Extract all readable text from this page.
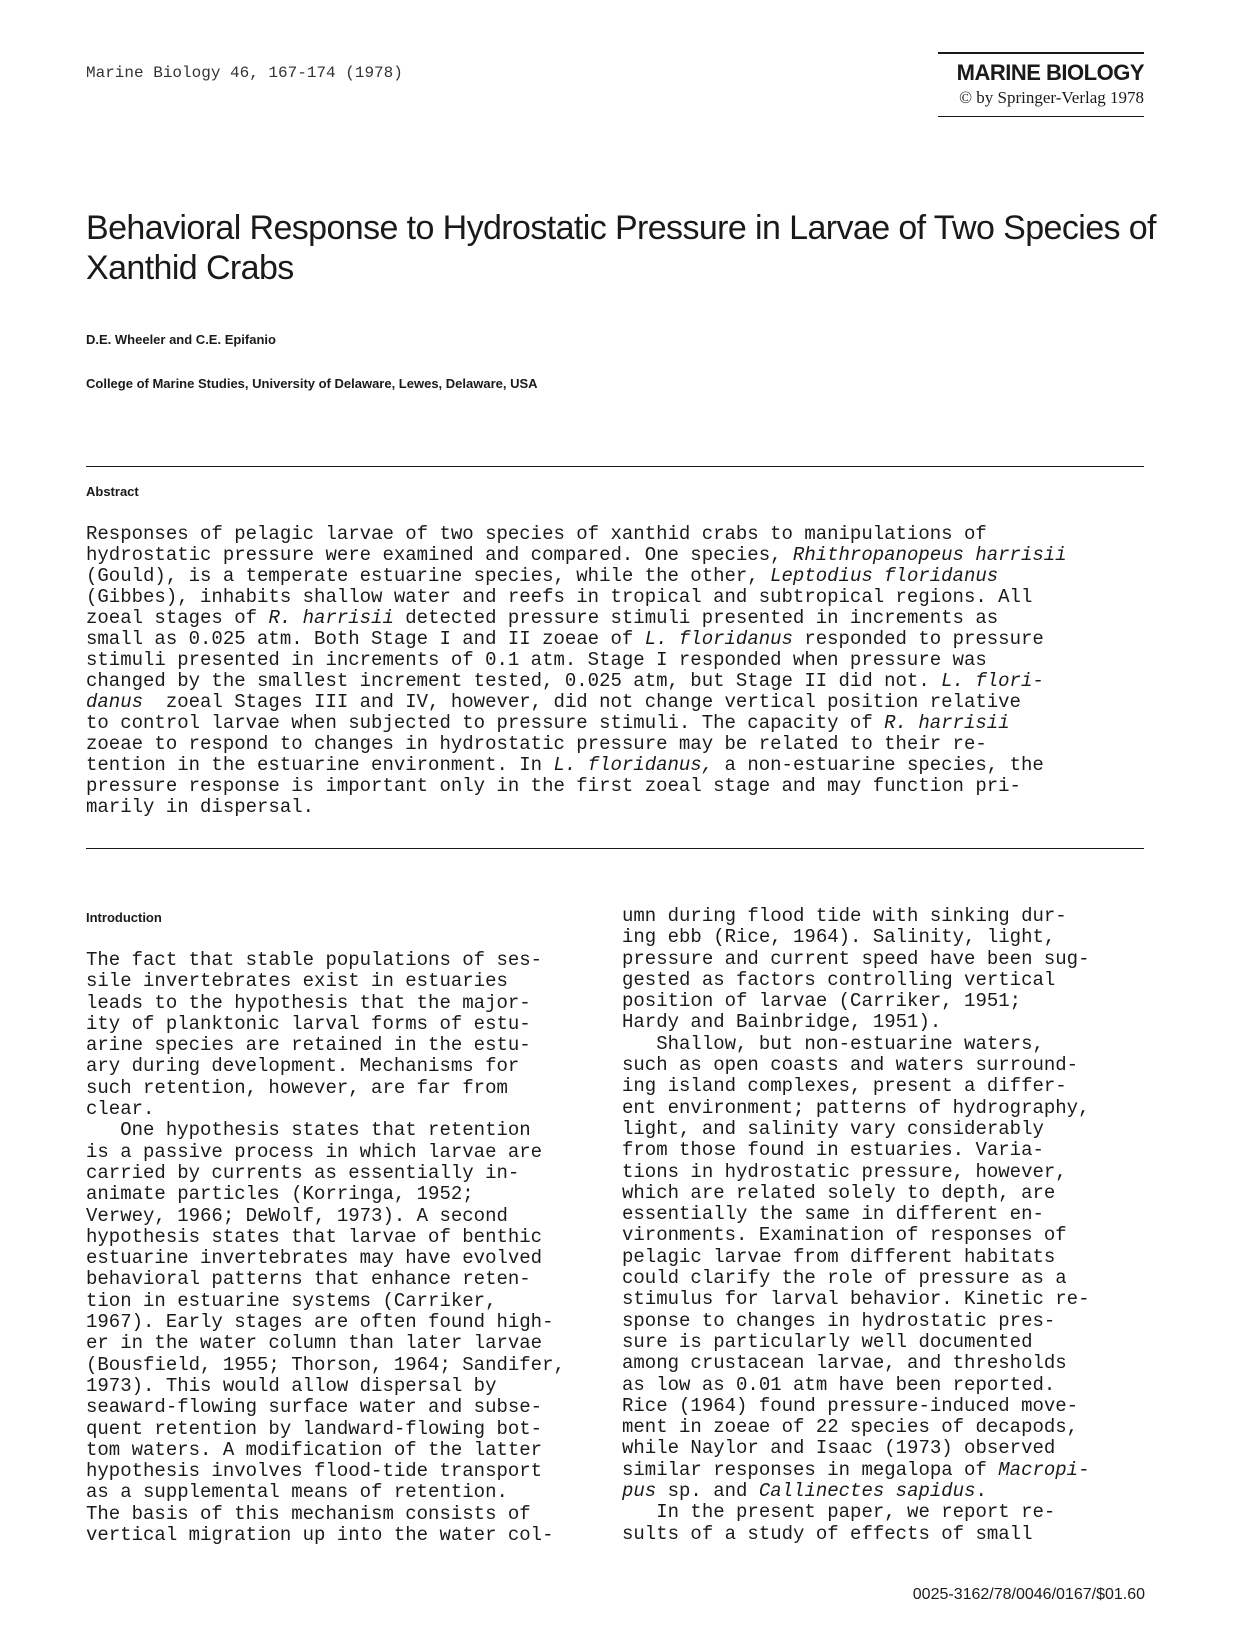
Marine Biology 46, 167-174 (1978)	MARINE BIOLOGY
© by Springer-Verlag 1978
Behavioral Response to Hydrostatic Pressure in Larvae of Two Species of Xanthid Crabs
D.E. Wheeler and C.E. Epifanio
College of Marine Studies, University of Delaware, Lewes, Delaware, USA
Abstract
Responses of pelagic larvae of two species of xanthid crabs to manipulations of
hydrostatic pressure were examined and compared. One species, Rhithropanopeus harrisii
(Gould), is a temperate estuarine species, while the other, Leptodius floridanus
(Gibbes), inhabits shallow water and reefs in tropical and subtropical regions. All
zoeal stages of R. harrisii detected pressure stimuli presented in increments as
small as 0.025 atm. Both Stage I and II zoeae of L. floridanus responded to pressure
stimuli presented in increments of 0.1 atm. Stage I responded when pressure was
changed by the smallest increment tested, 0.025 atm, but Stage II did not. L. flori-
danus  zoeal Stages III and IV, however, did not change vertical position relative
to control larvae when subjected to pressure stimuli. The capacity of R. harrisii
zoeae to respond to changes in hydrostatic pressure may be related to their re-
tention in the estuarine environment. In L. floridanus, a non-estuarine species, the
pressure response is important only in the first zoeal stage and may function pri-
marily in dispersal.
Introduction
The fact that stable populations of ses-
sile invertebrates exist in estuaries
leads to the hypothesis that the major-
ity of planktonic larval forms of estu-
arine species are retained in the estu-
ary during development. Mechanisms for
such retention, however, are far from
clear.
One hypothesis states that retention
is a passive process in which larvae are
carried by currents as essentially in-
animate particles (Korringa, 1952;
Verwey, 1966; DeWolf, 1973). A second
hypothesis states that larvae of benthic
estuarine invertebrates may have evolved
behavioral patterns that enhance reten-
tion in estuarine systems (Carriker,
1967). Early stages are often found high-
er in the water column than later larvae
(Bousfield, 1955; Thorson, 1964; Sandifer,
1973). This would allow dispersal by
seaward-flowing surface water and subse-
quent retention by landward-flowing bot-
tom waters. A modification of the latter
hypothesis involves flood-tide transport
as a supplemental means of retention.
The basis of this mechanism consists of
vertical migration up into the water col-
umn during flood tide with sinking dur-
ing ebb (Rice, 1964). Salinity, light,
pressure and current speed have been sug-
gested as factors controlling vertical
position of larvae (Carriker, 1951;
Hardy and Bainbridge, 1951).
Shallow, but non-estuarine waters,
such as open coasts and waters surround-
ing island complexes, present a differ-
ent environment; patterns of hydrography,
light, and salinity vary considerably
from those found in estuaries. Varia-
tions in hydrostatic pressure, however,
which are related solely to depth, are
essentially the same in different en-
vironments. Examination of responses of
pelagic larvae from different habitats
could clarify the role of pressure as a
stimulus for larval behavior. Kinetic re-
sponse to changes in hydrostatic pres-
sure is particularly well documented
among crustacean larvae, and thresholds
as low as 0.01 atm have been reported.
Rice (1964) found pressure-induced move-
ment in zoeae of 22 species of decapods,
while Naylor and Isaac (1973) observed
similar responses in megalopa of Macropi-
pus sp. and Callinectes sapidus.
In the present paper, we report re-
sults of a study of effects of small
0025-3162/78/0046/0167/$01.60
